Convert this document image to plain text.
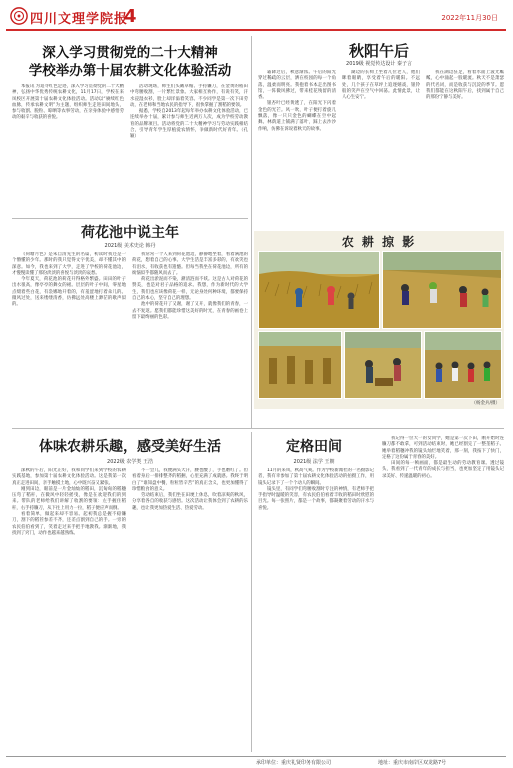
四川文理学院报
4	2022年11月30日
深入学习贯彻党的二十大精神
学校举办第十届农耕文化体验活动

本报讯 为追寻红色足迹，深入学习贯彻党的二十大精神，弘扬中华优秀传统农耕文化，11月17日，学校在来凤校区开展第十届农耕文化体验活动。活动以“赓续红色血脉，传承农耕文明”为主题，组织师生走进田间地头，参与收割、脱粒、晾晒等农事劳动，在亲身体验中感悟劳动的艰辛与收获的喜悦。

活动现场，师生们头戴草帽、手持镰刀，在金黄的稻田中弯腰收割，一片繁忙景象。大家相互协作，有说有笑，汗水浸湿衣衫，脸上却洋溢着笑容。不少同学是第一次下田劳动，在老师和当地农民的指导下，很快掌握了割稻的要领。

据悉，学校自2013年起每年举办农耕文化体验活动，已连续举办十届，累计参与师生近两万人次，成为学校劳动教育的品牌项目。活动将党的二十大精神学习与劳动实践相结合，引导青年学生厚植爱农情怀，争做新时代好青年。（孔颖）

秋阳午后
2019级 视觉传达设计 秦子言

霜降过后，秋意渐浓。午后的阳光穿过稀疏的云层，洒在校园的每一个角落，温柔而明亮。我抱着书本走出图书馆，一阵微风拂过，带来桂花残留的清香。

银杏叶已经黄透了，在阳光下闪着金色的光芒。风一吹，叶子便打着旋儿飘落，像一只只金色的蝴蝶在空中起舞。林荫道上铺满了落叶，踩上去沙沙作响，仿佛在诉说着秋天的故事。

湖边的长椅上坐着几位老人，他们眯着眼睛，享受着午后的暖阳。不远处，几个孩子在草坪上追逐嬉戏，银铃般的笑声在空气中回荡。此情此景，让人心生安宁。

我在湖边驻足，看着水面上波光粼粼，心中涌起一股暖流。秋天不是萧瑟的代名词，而是收获与沉淀的季节。愿我们都能在这秋阳午后，找到属于自己的那份宁静与美好。

荷花池中说主年
2021级 美术史论 韩丹

《荷塘月色》是朱自清先生的名篇，初读时我还是一个懵懂的少年。那时的我只觉得文字优美，却不懂其中的深意。如今，我也来到了大学，走进了学校的荷花池边，才慢慢读懂了那份淡淡的喜悦与淡淡的哀愁。

今年夏天，荷花池的荷花开得格外繁盛。田田的叶子出水很高，像亭亭的舞女的裙。层层的叶子中间，零星地点缀着些白花，有袅娜地开着的，有羞涩地打着朵儿的。微风过处，送来缕缕清香，仿佛远处高楼上渺茫的歌声似的。

我常常一个人来到荷花池边，静静地坐着，看着满池的荷花，想着自己的心事。大学生活是丰富多彩的，有欢笑也有泪水，有收获也有遗憾。但每当我坐在荷花池边，所有的烦恼似乎都随风而去了。

荷花出淤泥而不染，濯清涟而不妖。这是古人对荷花的赞美，也是对君子品格的追求。我想，作为新时代的大学生，我们也应该像荷花一样，无论身处何种环境，都要保持自己的本心，坚守自己的理想。

池中的荷花开了又谢，谢了又开，就像我们的青春，一去不复返。愿我们都能珍惜这美好的时光，在青春的画卷上留下最绚丽的色彩。

农 耕 掠 影
（杨金兵/摄）
体味农耕乐趣，感受美好生活
2022级 农学类 王浩

深秋的午后，阳光正好，我和同学们来到学校的农耕实践基地，参加第十届农耕文化体验活动。这是我第一次真正走进田间，亲手触摸土地，心中既兴奋又紧张。

刚到田边，眼前是一片金灿灿的稻田，沉甸甸的稻穗压弯了稻秆，在微风中轻轻摇曳，像是在欢迎我们的到来。带队的老师给我们讲解了收割的要领：左手握住稻秆，右手持镰刀，从下往上用力一拉，稻子便应声而倒。

看着简单，做起来却不容易。起初我总是握不稳镰刀，割下的稻茬参差不齐，还差点割到自己的手。一旁的农民伯伯看到了，笑着走过来手把手地教我。渐渐地，我找到了窍门，动作也越来越熟练。

不一会儿，我便满头大汗，腰也酸了，手也磨红了。但看着身后一排排整齐的稻捆，心里充满了成就感。我终于明白了“谁知盘中餐，粒粒皆辛苦”的真正含义，也更加懂得了珍惜粮食的意义。

劳动结束后，我们坐在田埂上休息，吹着凉爽的秋风，分享着各自的收获与感悟。这次活动让我体会到了农耕的乐趣，也让我更加热爱生活、热爱劳动。

定格田间
2021级 法学 王朝

11月的来凤，秋高气爽。作为学校新闻社的一名摄影记者，我有幸参加了第十届农耕文化体验活动的拍摄工作，用镜头记录下了一个个动人的瞬间。

镜头里，有同学们弯腰收割时专注的神情，有老师手把手指导时温暖的笑容，有农民伯伯看着丰收的稻田时欣慰的目光。每一张照片，都是一个故事，都凝聚着劳动的汗水与喜悦。

我记得一位大一的女同学，她是第一次下田，刚开始时连镰刀都不敢拿，可到活动结束时，她已经割完了一整垄稻子。她举着稻穗冲我的镜头灿烂地笑着，那一刻，我按下了快门，定格了这份属于青春的美好。

田间的每一帧画面，都是最生动的劳动教育课。透过镜头，我看到了一代青年的成长与担当，也更加坚定了用镜头记录美好、传递温暖的初心。

承印单位：重庆礼贤印务有限公司	地址：重庆市南岸区双龙路7号
